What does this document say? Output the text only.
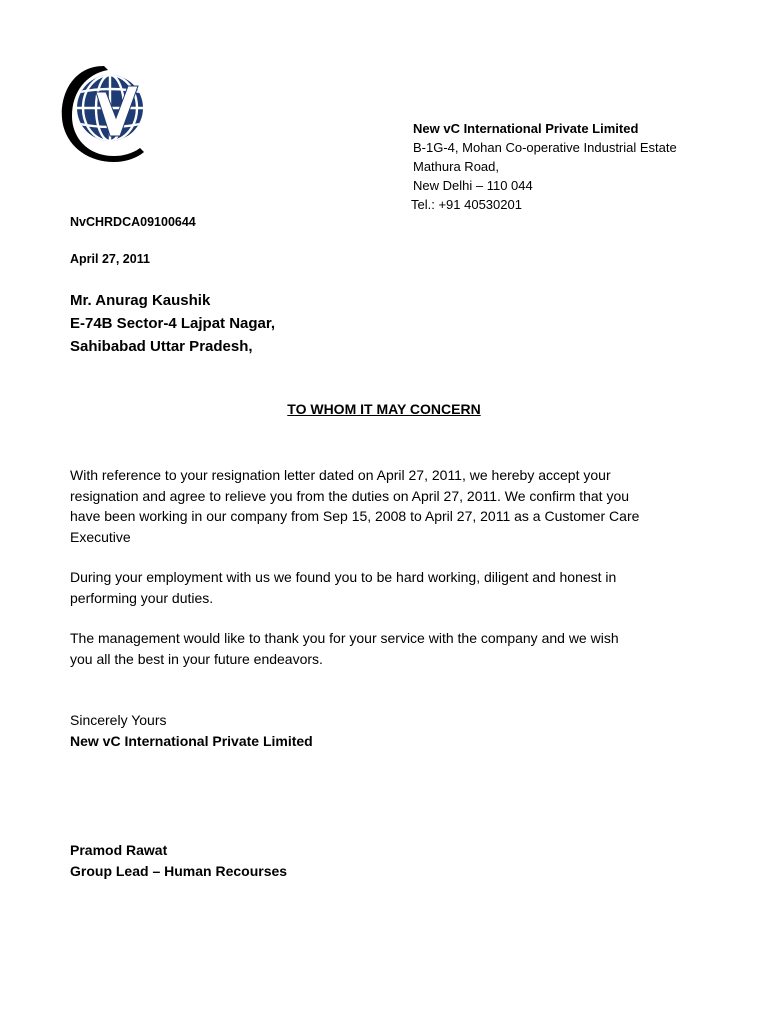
New vC International Private Limited
B-1G-4, Mohan Co-operative Industrial Estate
Mathura Road,
New Delhi – 110 044
Tel.: +91 40530201
NvCHRDCA09100644
April 27, 2011
Mr. Anurag Kaushik
E-74B Sector-4 Lajpat Nagar,
Sahibabad Uttar Pradesh,
TO WHOM IT MAY CONCERN
With reference to your resignation letter dated on April 27, 2011, we hereby accept your
resignation and agree to relieve you from the duties on April 27, 2011. We confirm that you
have been working in our company from Sep 15, 2008 to April 27, 2011 as a Customer Care
Executive
During your employment with us we found you to be hard working, diligent and honest in
performing your duties.
The management would like to thank you for your service with the company and we wish
you all the best in your future endeavors.
Sincerely Yours
New vC International Private Limited
Pramod Rawat
Group Lead – Human Recourses
